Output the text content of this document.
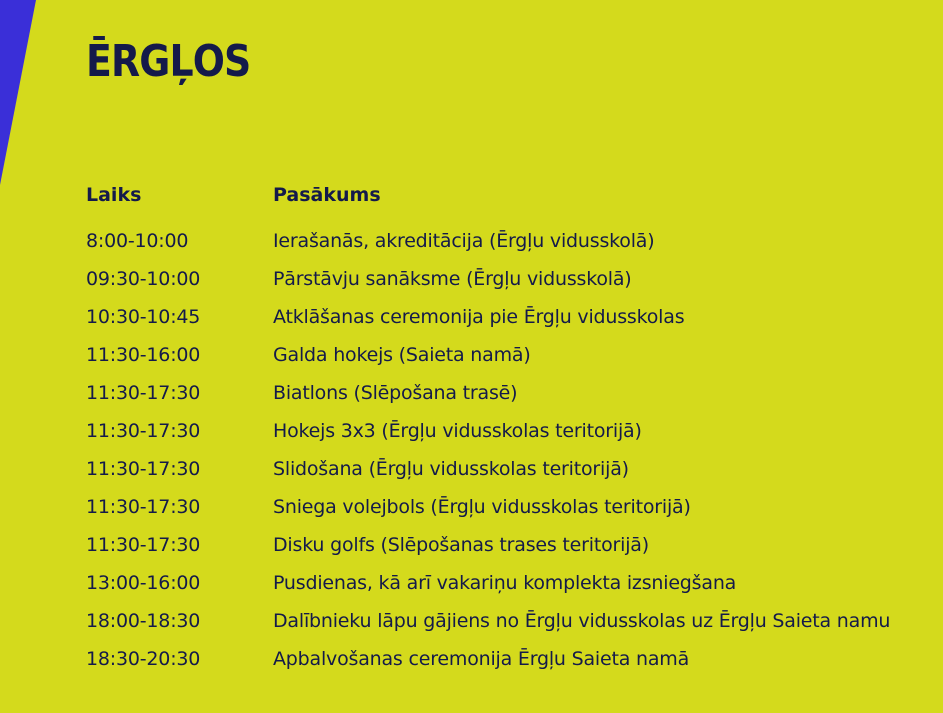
ĒRGĻOS
Laiks	Pasākums
8:00-10:00	Ierašanās, akreditācija (Ērgļu vidusskolā)
09:30-10:00	Pārstāvju sanāksme (Ērgļu vidusskolā)
10:30-10:45	Atklāšanas ceremonija pie Ērgļu vidusskolas
11:30-16:00	Galda hokejs (Saieta namā)
11:30-17:30	Biatlons (Slēpošana trasē)
11:30-17:30	Hokejs 3x3 (Ērgļu vidusskolas teritorijā)
11:30-17:30	Slidošana (Ērgļu vidusskolas teritorijā)
11:30-17:30	Sniega volejbols (Ērgļu vidusskolas teritorijā)
11:30-17:30	Disku golfs (Slēpošanas trases teritorijā)
13:00-16:00	Pusdienas, kā arī vakariņu komplekta izsniegšana
18:00-18:30	Dalībnieku lāpu gājiens no Ērgļu vidusskolas uz Ērgļu Saieta namu
18:30-20:30	Apbalvošanas ceremonija Ērgļu Saieta namā
